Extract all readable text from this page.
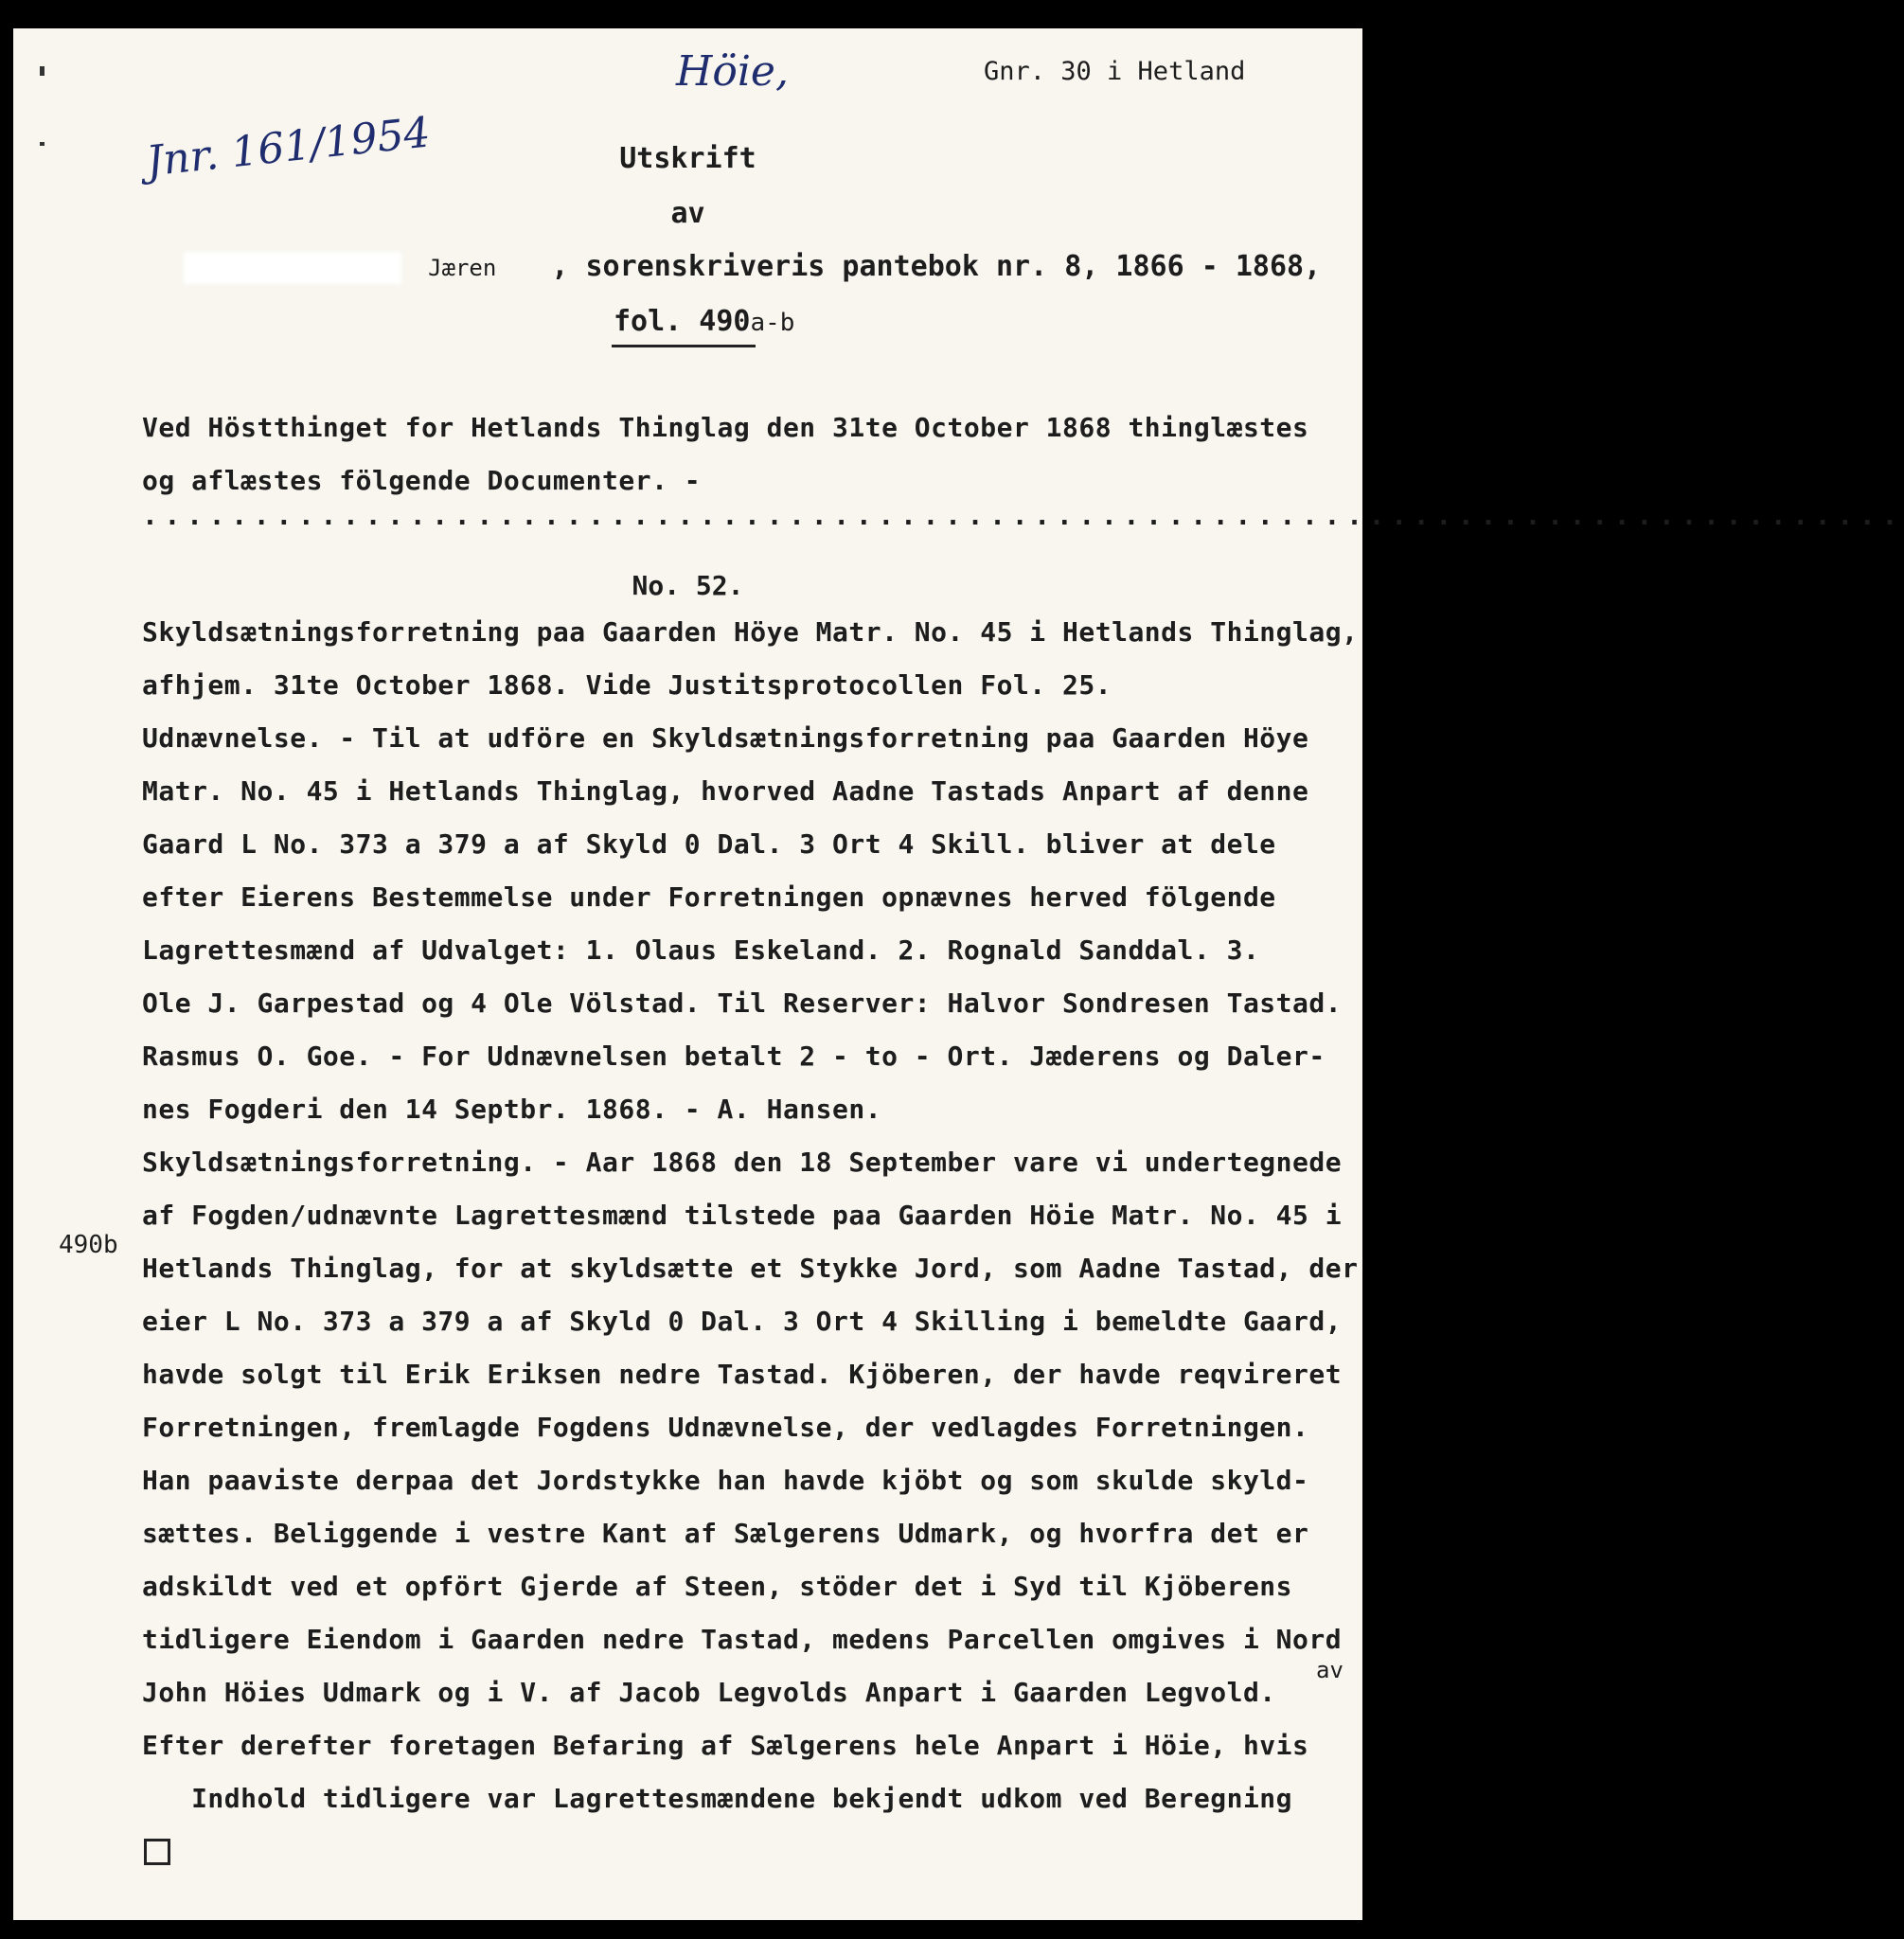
Höie,
Jnr. 161/1954
Gnr. 30 i Hetland
Utskrift
av
Jæren , sorenskriveris pantebok nr. 8, 1866 - 1868,
fol. 490a-b
Ved Höstthinget for Hetlands Thinglag den 31te October 1868 thinglæstes
og aflæstes fölgende Documenter. -
...............................................................................
No. 52.
Skyldsætningsforretning paa Gaarden Höye Matr. No. 45 i Hetlands Thinglag,
afhjem. 31te October 1868. Vide Justitsprotocollen Fol. 25.
Udnævnelse. - Til at udföre en Skyldsætningsforretning paa Gaarden Höye
Matr. No. 45 i Hetlands Thinglag, hvorved Aadne Tastads Anpart af denne
Gaard L No. 373 a 379 a af Skyld 0 Dal. 3 Ort 4 Skill. bliver at dele
efter Eierens Bestemmelse under Forretningen opnævnes herved fölgende
Lagrettesmænd af Udvalget: 1. Olaus Eskeland. 2. Rognald Sanddal. 3.
Ole J. Garpestad og 4 Ole Völstad. Til Reserver: Halvor Sondresen Tastad.
Rasmus O. Goe. - For Udnævnelsen betalt 2 - to - Ort. Jæderens og Daler-
nes Fogderi den 14 Septbr. 1868. - A. Hansen.
Skyldsætningsforretning. - Aar 1868 den 18 September vare vi undertegnede
af Fogden/udnævnte Lagrettesmænd tilstede paa Gaarden Höie Matr. No. 45 i
Hetlands Thinglag, for at skyldsætte et Stykke Jord, som Aadne Tastad, der
eier L No. 373 a 379 a af Skyld 0 Dal. 3 Ort 4 Skilling i bemeldte Gaard,
havde solgt til Erik Eriksen nedre Tastad. Kjöberen, der havde reqvireret
Forretningen, fremlagde Fogdens Udnævnelse, der vedlagdes Forretningen.
Han paaviste derpaa det Jordstykke han havde kjöbt og som skulde skyld-
sættes. Beliggende i vestre Kant af Sælgerens Udmark, og hvorfra det er
adskildt ved et opfört Gjerde af Steen, stöder det i Syd til Kjöberens
tidligere Eiendom i Gaarden nedre Tastad, medens Parcellen omgives i Nord
John Höies Udmark og i V. af Jacob Legvolds Anpart i Gaarden Legvold.
Efter derefter foretagen Befaring af Sælgerens hele Anpart i Höie, hvis
Indhold tidligere var Lagrettesmændene bekjendt udkom ved Beregning
490b
av
